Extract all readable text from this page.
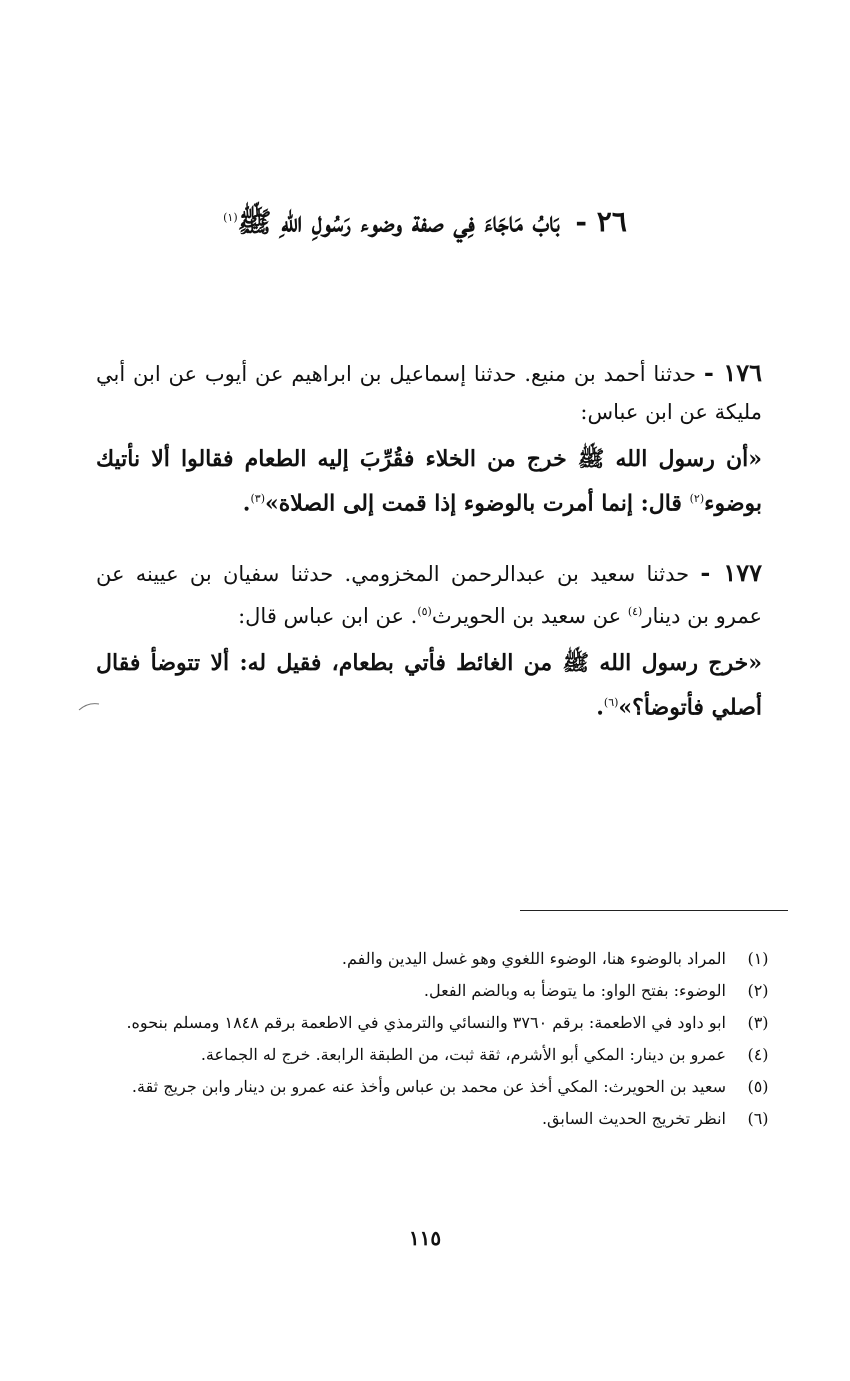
٢٦ - بَابُ مَاجَاءَ فِي صفة وضوء رَسُولِ اللهِ ﷺ$^{(١)}$
١٧٦ - حدثنا أحمد بن منيع. حدثنا إسماعيل بن ابراهيم عن أيوب عن ابن أبي مليكة عن ابن عباس:
«أن رسول الله ﷺ خرج من الخلاء فقُرِّبَ إليه الطعام فقالوا ألا نأتيك بوضوء$^{(٢)}$ قال: إنما أمرت بالوضوء إذا قمت إلى الصلاة»$^{(٣)}$.
١٧٧ - حدثنا سعيد بن عبدالرحمن المخزومي. حدثنا سفيان بن عيينه عن عمرو بن دينار$^{(٤)}$ عن سعيد بن الحويرث$^{(٥)}$. عن ابن عباس قال:
«خرج رسول الله ﷺ من الغائط فأتي بطعام، فقيل له: ألا تتوضأ فقال أصلي فأتوضأ؟»$^{(٦)}$.
(١)
المراد بالوضوء هنا، الوضوء اللغوي وهو غسل اليدين والفم.
(٢)
الوضوء: بفتح الواو: ما يتوضأ به وبالضم الفعل.
(٣)
ابو داود في الاطعمة: برقم ٣٧٦٠ والنسائي والترمذي في الاطعمة برقم ١٨٤٨ ومسلم بنحوه.
(٤)
عمرو بن دينار: المكي أبو الأشرم، ثقة ثبت، من الطبقة الرابعة. خرج له الجماعة.
(٥)
سعيد بن الحويرث: المكي أخذ عن محمد بن عباس وأخذ عنه عمرو بن دينار وابن جريج ثقة.
(٦)
انظر تخريج الحديث السابق.
١١٥
